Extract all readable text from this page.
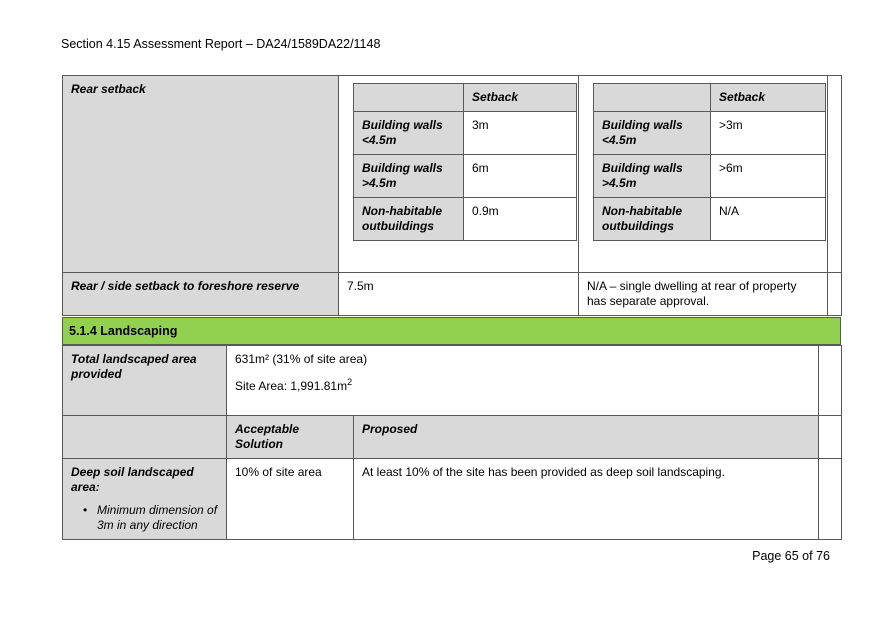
Section 4.15 Assessment Report – DA24/1589DA22/1148
Rear setback	
	Setback
Building walls <4.5m	3m
Building walls >4.5m	6m
Non-habitable outbuildings	0.9m

	Setback
Building walls <4.5m	>3m
Building walls >4.5m	>6m
Non-habitable outbuildings	N/A

Rear / side setback to foreshore reserve	7.5m	N/A – single dwelling at rear of property has separate approval.	
5.1.4 Landscaping
Total landscaped area provided	631m² (31% of site area)

Site Area: $1,991.81m^2$

	Acceptable Solution	Proposed	

Deep soil landscaped area:
• Minimum dimension of 3m in any direction	10% of site area	At least 10% of the site has been provided as deep soil landscaping.	
Page 65 of 76
